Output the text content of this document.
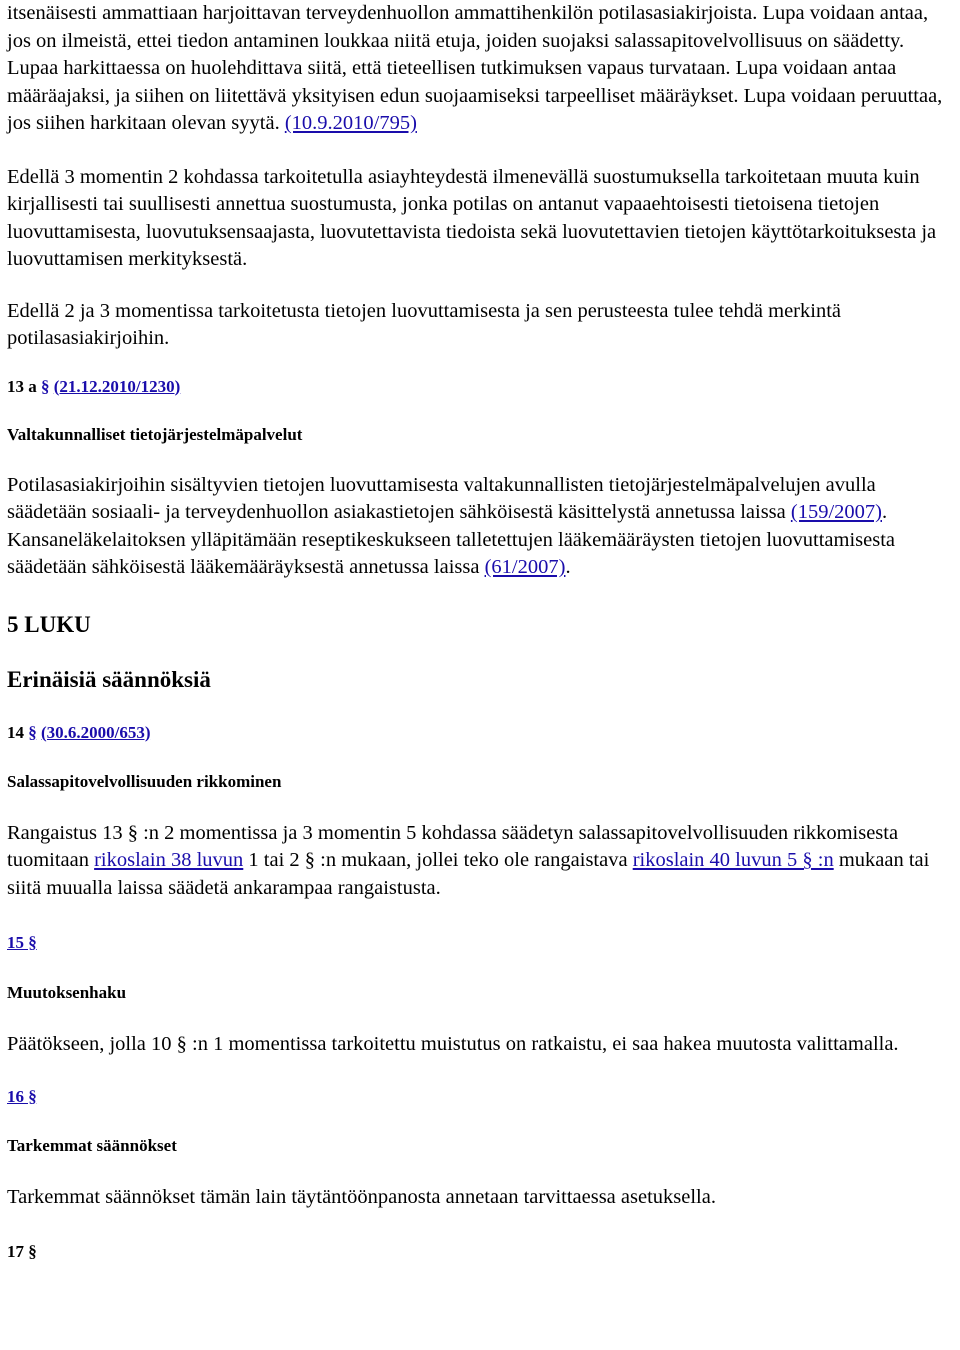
itsenäisesti ammattiaan harjoittavan terveydenhuollon ammattihenkilön potilasasiakirjoista. Lupa voidaan antaa, jos on ilmeistä, ettei tiedon antaminen loukkaa niitä etuja, joiden suojaksi salassapitovelvollisuus on säädetty. Lupaa harkittaessa on huolehdittava siitä, että tieteellisen tutkimuksen vapaus turvataan. Lupa voidaan antaa määräajaksi, ja siihen on liitettävä yksityisen edun suojaamiseksi tarpeelliset määräykset. Lupa voidaan peruuttaa, jos siihen harkitaan olevan syytä. (10.9.2010/795)

Edellä 3 momentin 2 kohdassa tarkoitetulla asiayhteydestä ilmenevällä suostumuksella tarkoitetaan muuta kuin kirjallisesti tai suullisesti annettua suostumusta, jonka potilas on antanut vapaaehtoisesti tietoisena tietojen luovuttamisesta, luovutuksensaajasta, luovutettavista tiedoista sekä luovutettavien tietojen käyttötarkoituksesta ja luovuttamisen merkityksestä.

Edellä 2 ja 3 momentissa tarkoitetusta tietojen luovuttamisesta ja sen perusteesta tulee tehdä merkintä potilasasiakirjoihin.

13 a § (21.12.2010/1230)

Valtakunnalliset tietojärjestelmäpalvelut

Potilasasiakirjoihin sisältyvien tietojen luovuttamisesta valtakunnallisten tietojärjestelmäpalvelujen avulla säädetään sosiaali- ja terveydenhuollon asiakastietojen sähköisestä käsittelystä annetussa laissa (159/2007). Kansaneläkelaitoksen ylläpitämään reseptikeskukseen talletettujen lääkemääräysten tietojen luovuttamisesta säädetään sähköisestä lääkemääräyksestä annetussa laissa (61/2007).

5 LUKU

Erinäisiä säännöksiä

14 § (30.6.2000/653)

Salassapitovelvollisuuden rikkominen

Rangaistus 13 § :n 2 momentissa ja 3 momentin 5 kohdassa säädetyn salassapitovelvollisuuden rikkomisesta tuomitaan rikoslain 38 luvun 1 tai 2 § :n mukaan, jollei teko ole rangaistava rikoslain 40 luvun 5 § :n mukaan tai siitä muualla laissa säädetä ankarampaa rangaistusta.

15 §

Muutoksenhaku

Päätökseen, jolla 10 § :n 1 momentissa tarkoitettu muistutus on ratkaistu, ei saa hakea muutosta valittamalla.

16 §

Tarkemmat säännökset

Tarkemmat säännökset tämän lain täytäntöönpanosta annetaan tarvittaessa asetuksella.

17 §
